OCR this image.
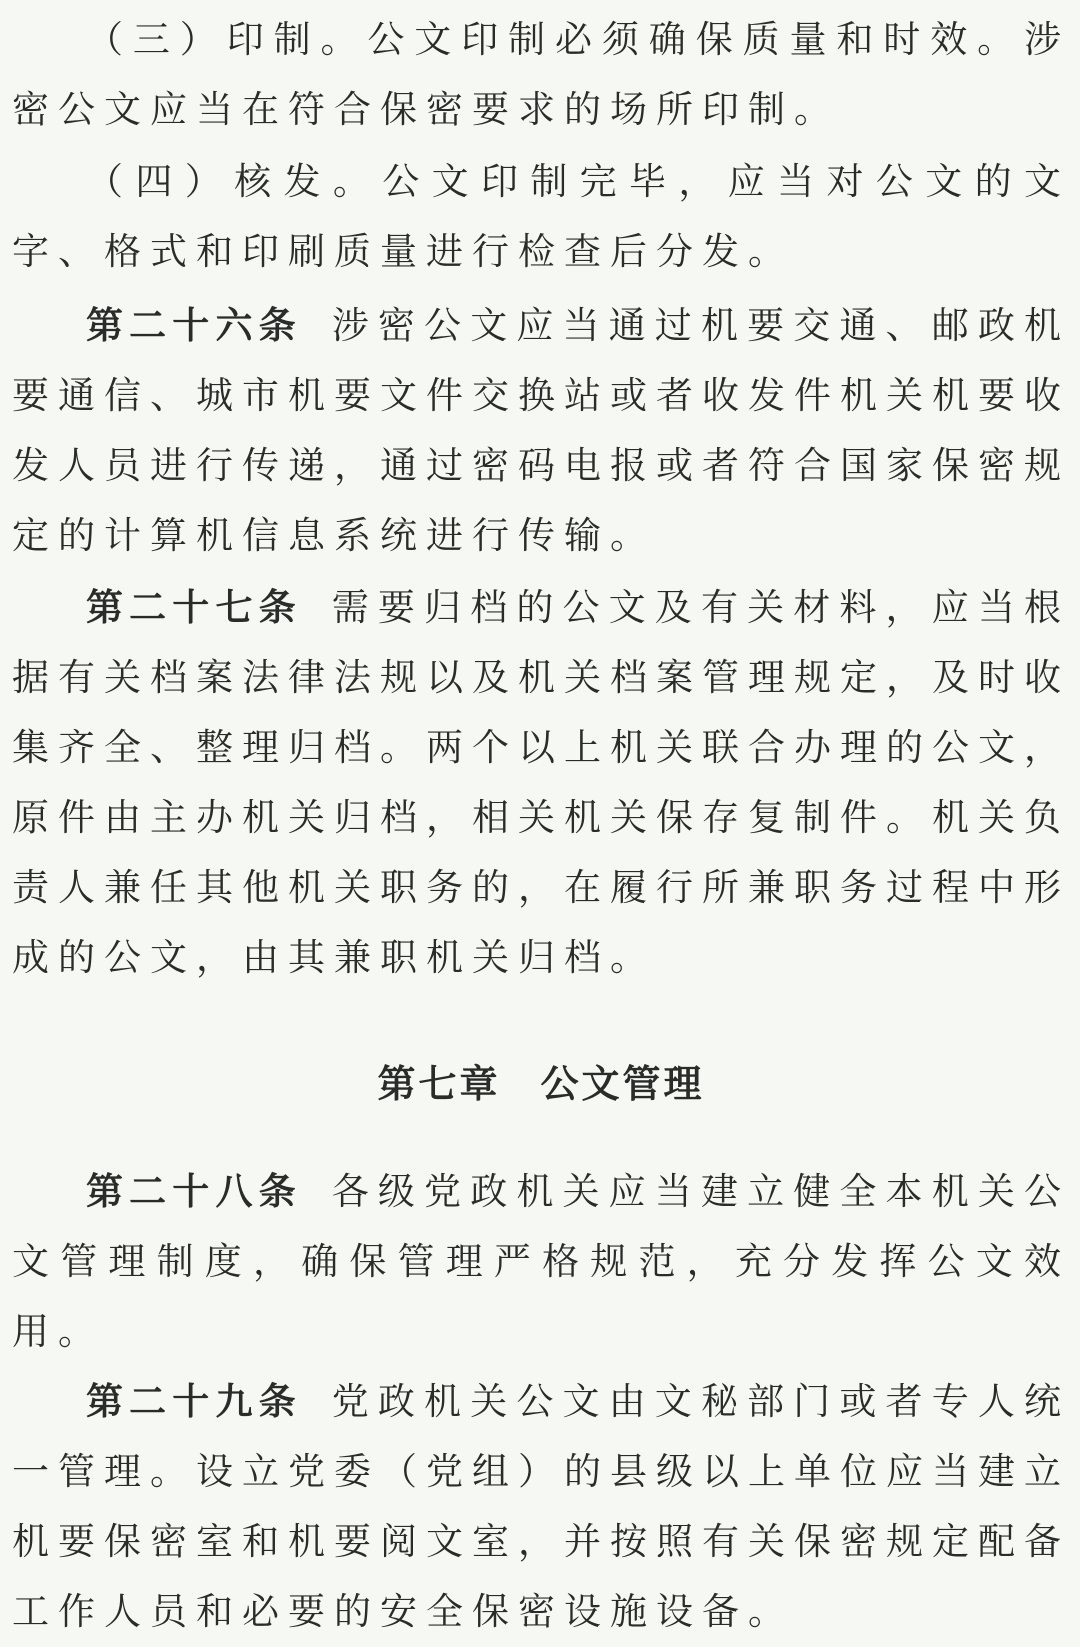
（三）印制。公文印制必须确保质量和时效。涉密公文应当在符合保密要求的场所印制。

（四）核发。公文印制完毕，应当对公文的文字、格式和印刷质量进行检查后分发。

第二十六条 涉密公文应当通过机要交通、邮政机要通信、城市机要文件交换站或者收发件机关机要收发人员进行传递，通过密码电报或者符合国家保密规定的计算机信息系统进行传输。

第二十七条 需要归档的公文及有关材料，应当根据有关档案法律法规以及机关档案管理规定，及时收集齐全、整理归档。两个以上机关联合办理的公文，原件由主办机关归档，相关机关保存复制件。机关负责人兼任其他机关职务的，在履行所兼职务过程中形成的公文，由其兼职机关归档。

第七章 公文管理

第二十八条 各级党政机关应当建立健全本机关公文管理制度，确保管理严格规范，充分发挥公文效用。

第二十九条 党政机关公文由文秘部门或者专人统一管理。设立党委（党组）的县级以上单位应当建立机要保密室和机要阅文室，并按照有关保密规定配备工作人员和必要的安全保密设施设备。
